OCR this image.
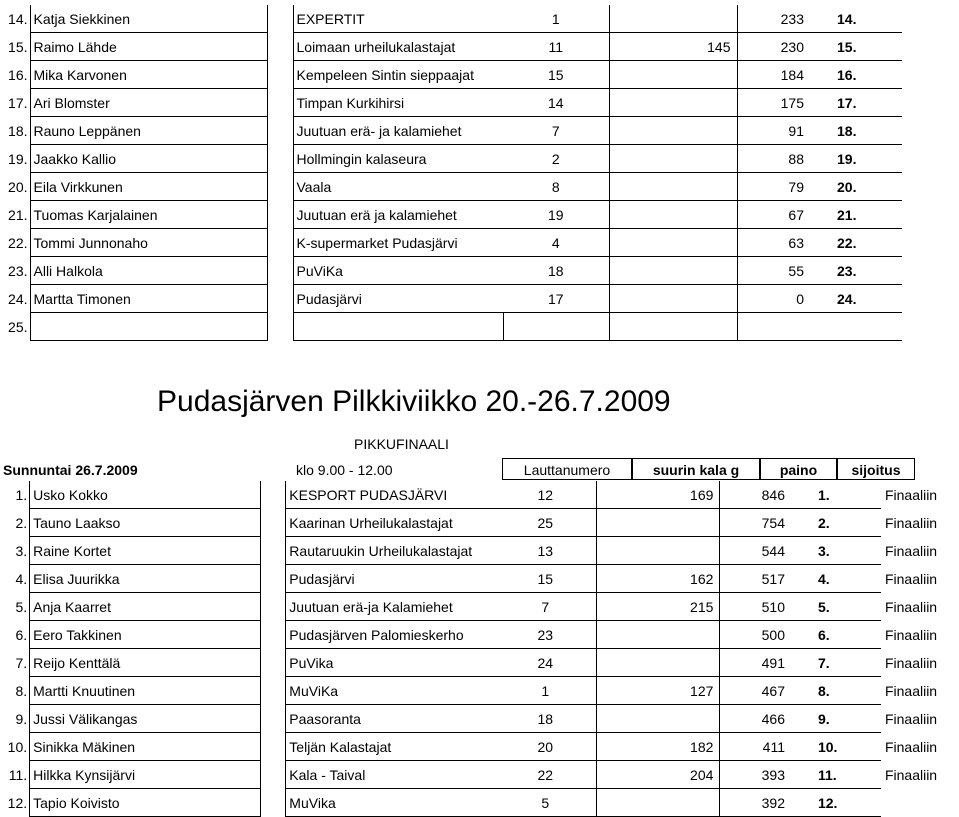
14.	Katja Siekkinen		EXPERTIT	1		233	14.
15.	Raimo Lähde		Loimaan urheilukalastajat	11	145	230	15.
16.	Mika Karvonen		Kempeleen Sintin sieppaajat	15		184	16.
17.	Ari Blomster		Timpan Kurkihirsi	14		175	17.
18.	Rauno Leppänen		Juutuan erä- ja kalamiehet	7		91	18.
19.	Jaakko Kallio		Hollmingin kalaseura	2		88	19.
20.	Eila Virkkunen		Vaala	8		79	20.
21.	Tuomas Karjalainen		Juutuan erä ja kalamiehet	19		67	21.
22.	Tommi Junnonaho		K-supermarket Pudasjärvi	4		63	22.
23.	Alli Halkola		PuViKa	18		55	23.
24.	Martta Timonen		Pudasjärvi	17		0	24.
25.							
Pudasjärven Pilkkiviikko 20.-26.7.2009
PIKKUFINAALI
Sunnuntai 26.7.2009	klo 9.00 - 12.00	Lauttanumero	suurin kala g	paino	sijoitus
1.	Usko Kokko		KESPORT PUDASJÄRVI	12	169	846	1.	Finaaliin
2.	Tauno Laakso		Kaarinan Urheilukalastajat	25		754	2.	Finaaliin
3.	Raine Kortet		Rautaruukin Urheilukalastajat	13		544	3.	Finaaliin
4.	Elisa Juurikka		Pudasjärvi	15	162	517	4.	Finaaliin
5.	Anja Kaarret		Juutuan erä-ja Kalamiehet	7	215	510	5.	Finaaliin
6.	Eero Takkinen		Pudasjärven Palomieskerho	23		500	6.	Finaaliin
7.	Reijo Kenttälä		PuVika	24		491	7.	Finaaliin
8.	Martti Knuutinen		MuViKa	1	127	467	8.	Finaaliin
9.	Jussi Välikangas		Paasoranta	18		466	9.	Finaaliin
10.	Sinikka Mäkinen		Teljän Kalastajat	20	182	411	10.	Finaaliin
11.	Hilkka Kynsijärvi		Kala - Taival	22	204	393	11.	Finaaliin
12.	Tapio Koivisto		MuVika	5		392	12.	
